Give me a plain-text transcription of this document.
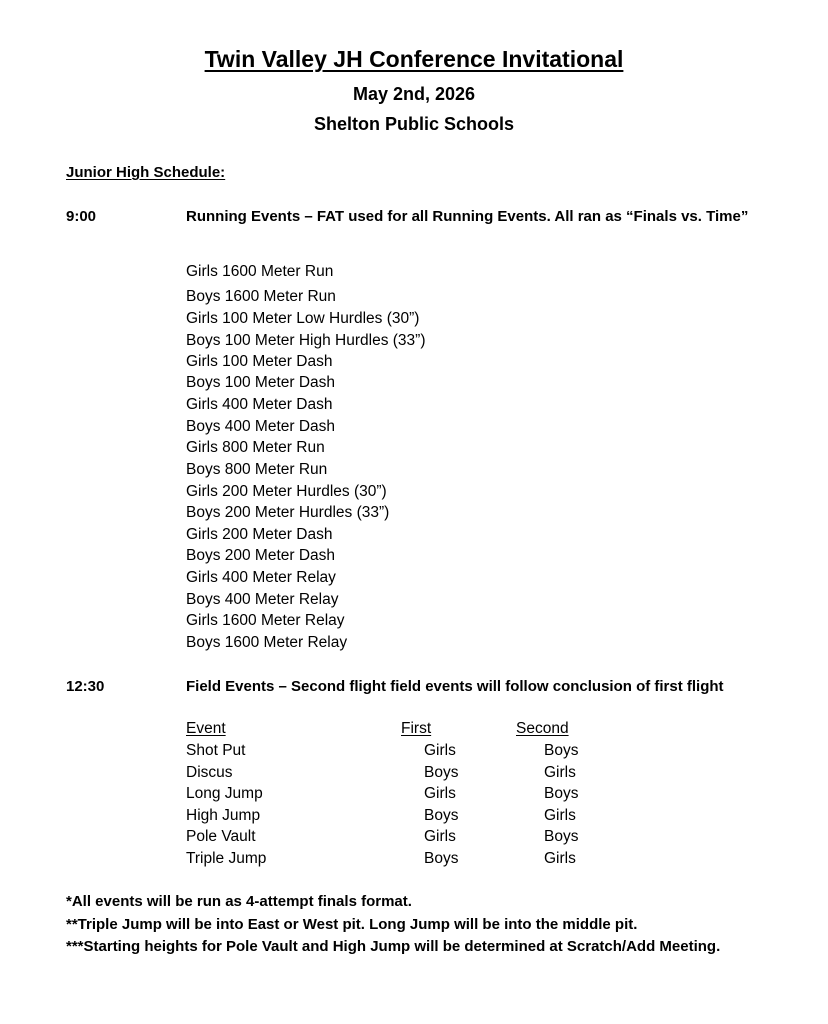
Twin Valley JH Conference Invitational
May 2nd, 2026
Shelton Public Schools
Junior High Schedule:
9:00	Running Events – FAT used for all Running Events. All ran as “Finals vs. Time”
Girls 1600 Meter Run
Boys 1600 Meter Run
Girls 100 Meter Low Hurdles (30”)
Boys 100 Meter High Hurdles (33”)
Girls 100 Meter Dash
Boys 100 Meter Dash
Girls 400 Meter Dash
Boys 400 Meter Dash
Girls 800 Meter Run
Boys 800 Meter Run
Girls 200 Meter Hurdles (30”)
Boys 200 Meter Hurdles (33”)
Girls 200 Meter Dash
Boys 200 Meter Dash
Girls 400 Meter Relay
Boys 400 Meter Relay
Girls 1600 Meter Relay
Boys 1600 Meter Relay
12:30	Field Events – Second flight field events will follow conclusion of first flight
Event	First	Second
Shot Put	Girls	Boys
Discus	Boys	Girls
Long Jump	Girls	Boys
High Jump	Boys	Girls
Pole Vault	Girls	Boys
Triple Jump	Boys	Girls
*All events will be run as 4-attempt finals format.
**Triple Jump will be into East or West pit. Long Jump will be into the middle pit.
***Starting heights for Pole Vault and High Jump will be determined at Scratch/Add Meeting.
